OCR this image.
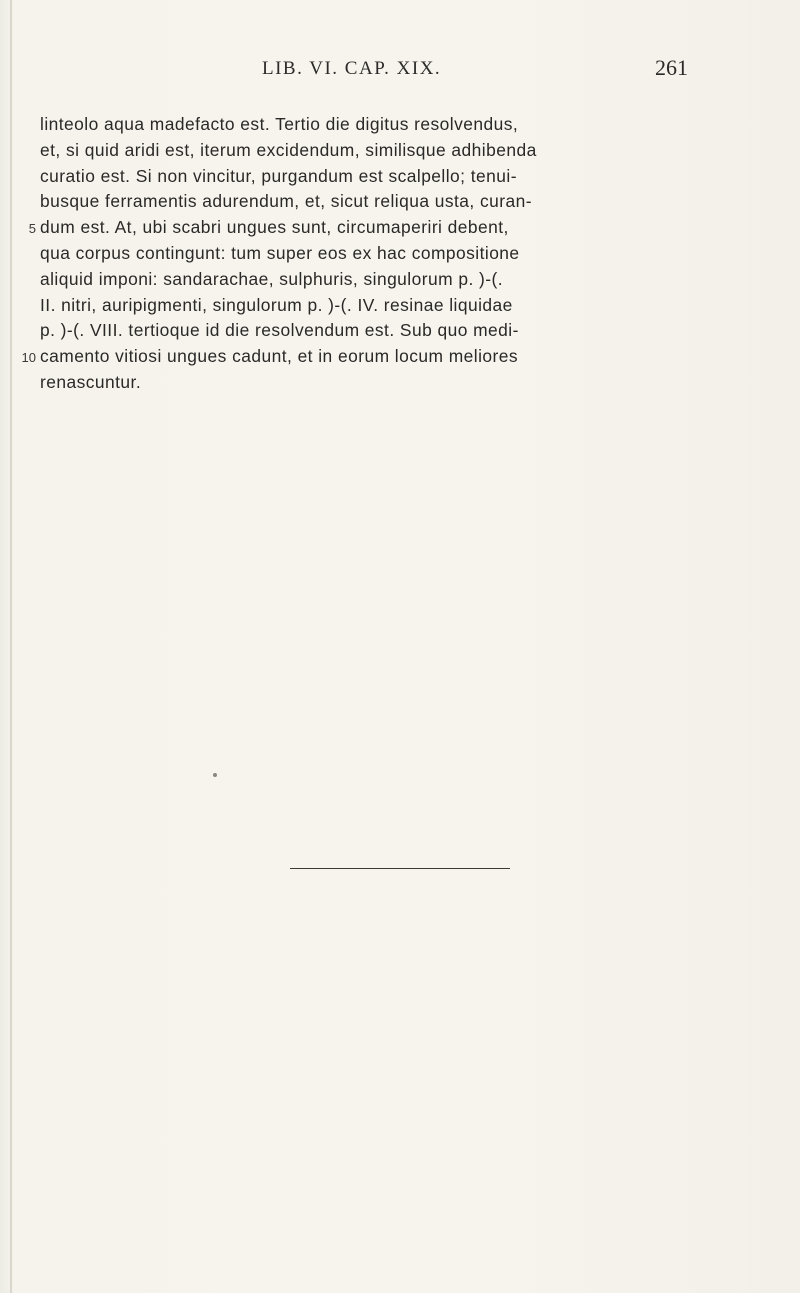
LIB. VI. CAP. XIX.	261
linteolo aqua madefacto est. Tertio die digitus resolvendus,
et, si quid aridi est, iterum excidendum, similisque adhibenda
curatio est. Si non vincitur, purgandum est scalpello; tenui-
busque ferramentis adurendum, et, sicut reliqua usta, curan-
5 dum est. At, ubi scabri ungues sunt, circumaperiri debent,
qua corpus contingunt: tum super eos ex hac compositione
aliquid imponi: sandarachae, sulphuris, singulorum p. )-(.
II. nitri, auripigmenti, singulorum p. )-(. IV. resinae liquidae
p. )-(. VIII. tertioque id die resolvendum est. Sub quo medi-
10 camento vitiosi ungues cadunt, et in eorum locum meliores
renascuntur.
